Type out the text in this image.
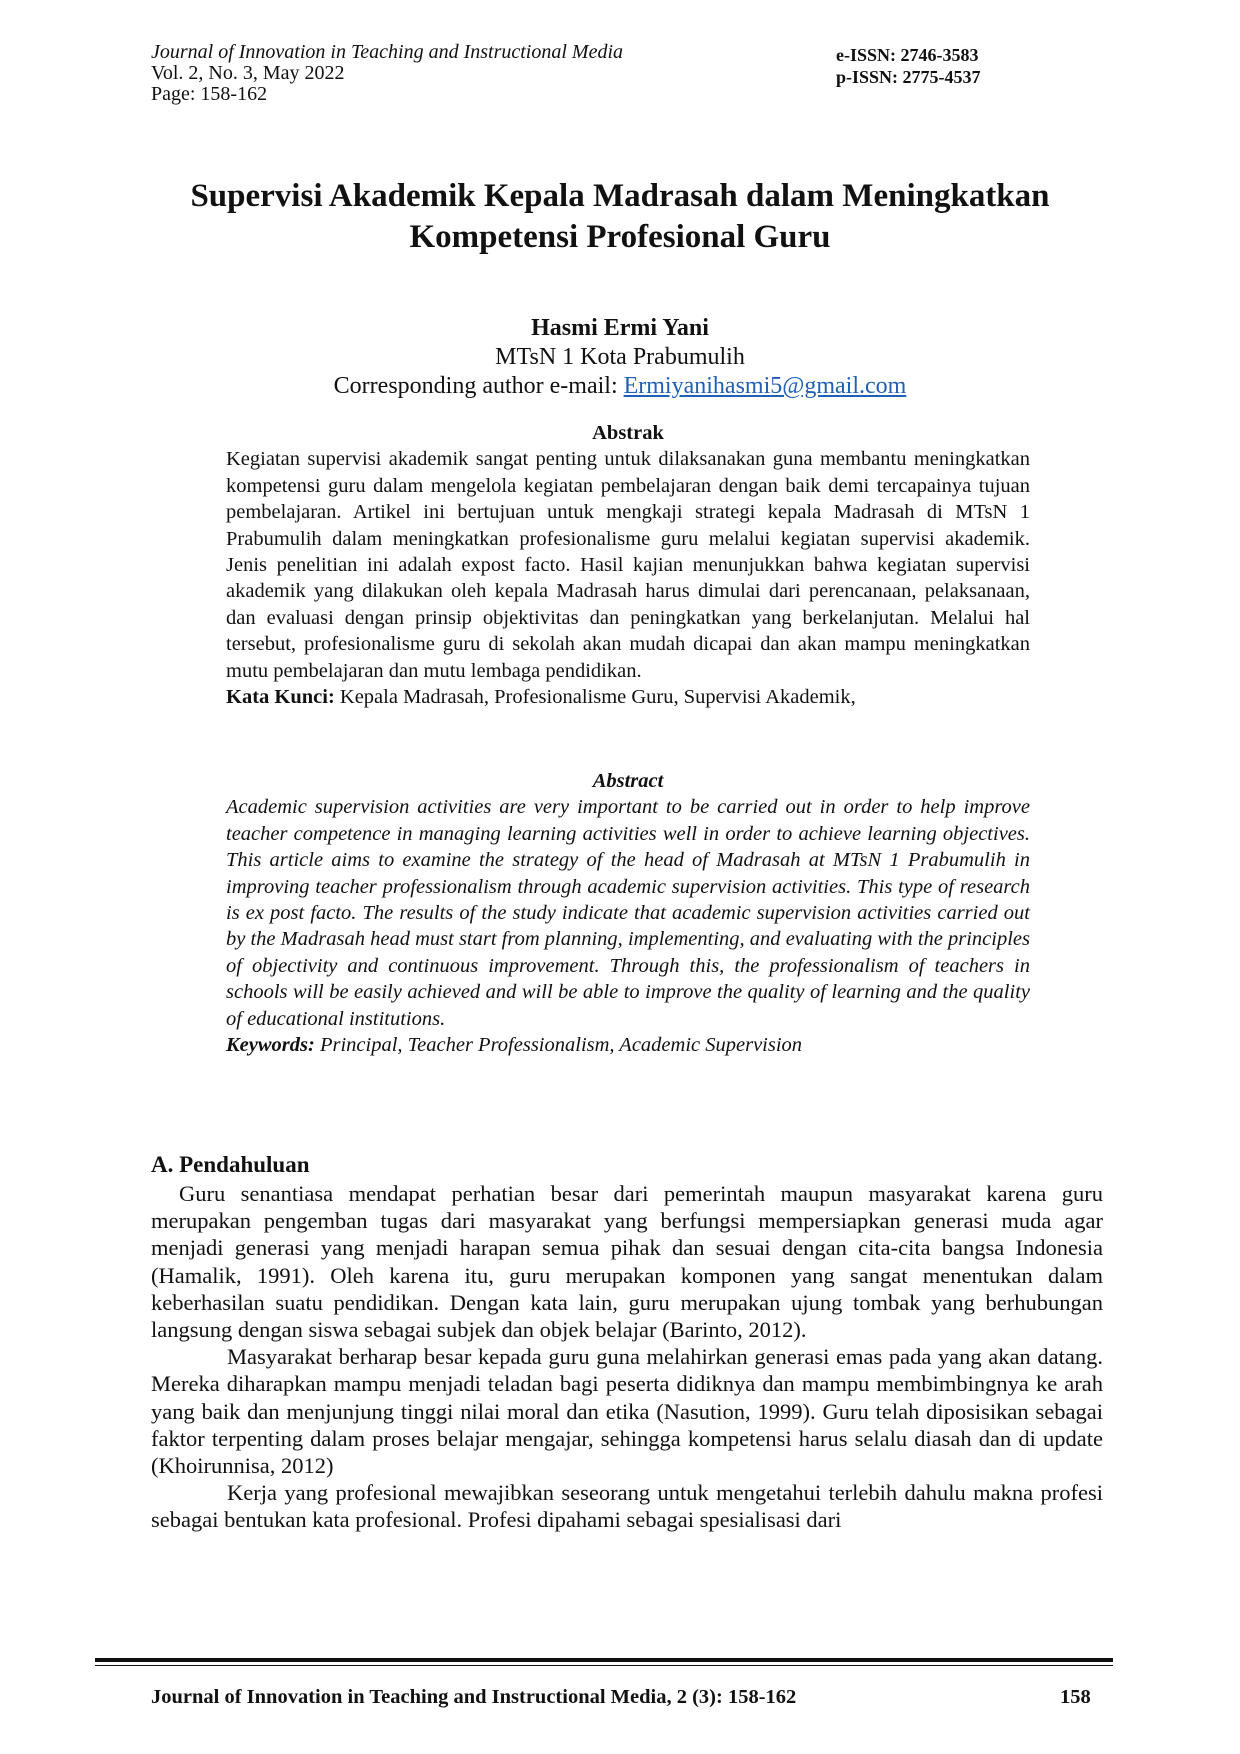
Journal of Innovation in Teaching and Instructional Media
Vol. 2, No. 3, May 2022
Page: 158-162
e-ISSN: 2746-3583
p-ISSN: 2775-4537
Supervisi Akademik Kepala Madrasah dalam Meningkatkan
Kompetensi Profesional Guru
Hasmi Ermi Yani
MTsN 1 Kota Prabumulih
Corresponding author e-mail: Ermiyanihasmi5@gmail.com
Abstrak
Kegiatan supervisi akademik sangat penting untuk dilaksanakan guna membantu meningkatkan kompetensi guru dalam mengelola kegiatan pembelajaran dengan baik demi tercapainya tujuan pembelajaran. Artikel ini bertujuan untuk mengkaji strategi kepala Madrasah di MTsN 1 Prabumulih dalam meningkatkan profesionalisme guru melalui kegiatan supervisi akademik. Jenis penelitian ini adalah expost facto. Hasil kajian menunjukkan bahwa kegiatan supervisi akademik yang dilakukan oleh kepala Madrasah harus dimulai dari perencanaan, pelaksanaan, dan evaluasi dengan prinsip objektivitas dan peningkatkan yang berkelanjutan. Melalui hal tersebut, profesionalisme guru di sekolah akan mudah dicapai dan akan mampu meningkatkan mutu pembelajaran dan mutu lembaga pendidikan.
Kata Kunci: Kepala Madrasah, Profesionalisme Guru, Supervisi Akademik,
Abstract
Academic supervision activities are very important to be carried out in order to help improve teacher competence in managing learning activities well in order to achieve learning objectives. This article aims to examine the strategy of the head of Madrasah at MTsN 1 Prabumulih in improving teacher professionalism through academic supervision activities. This type of research is ex post facto. The results of the study indicate that academic supervision activities carried out by the Madrasah head must start from planning, implementing, and evaluating with the principles of objectivity and continuous improvement. Through this, the professionalism of teachers in schools will be easily achieved and will be able to improve the quality of learning and the quality of educational institutions.
Keywords: Principal, Teacher Professionalism, Academic Supervision
A. Pendahuluan

Guru senantiasa mendapat perhatian besar dari pemerintah maupun masyarakat karena guru merupakan pengemban tugas dari masyarakat yang berfungsi mempersiapkan generasi muda agar menjadi generasi yang menjadi harapan semua pihak dan sesuai dengan cita-cita bangsa Indonesia (Hamalik, 1991). Oleh karena itu, guru merupakan komponen yang sangat menentukan dalam keberhasilan suatu pendidikan. Dengan kata lain, guru merupakan ujung tombak yang berhubungan langsung dengan siswa sebagai subjek dan objek belajar (Barinto, 2012).

Masyarakat berharap besar kepada guru guna melahirkan generasi emas pada yang akan datang. Mereka diharapkan mampu menjadi teladan bagi peserta didiknya dan mampu membimbingnya ke arah yang baik dan menjunjung tinggi nilai moral dan etika (Nasution, 1999). Guru telah diposisikan sebagai faktor terpenting dalam proses belajar mengajar, sehingga kompetensi harus selalu diasah dan di update (Khoirunnisa, 2012)

Kerja yang profesional mewajibkan seseorang untuk mengetahui terlebih dahulu makna profesi sebagai bentukan kata profesional. Profesi dipahami sebagai spesialisasi dari

Journal of Innovation in Teaching and Instructional Media, 2 (3): 158-162	158
